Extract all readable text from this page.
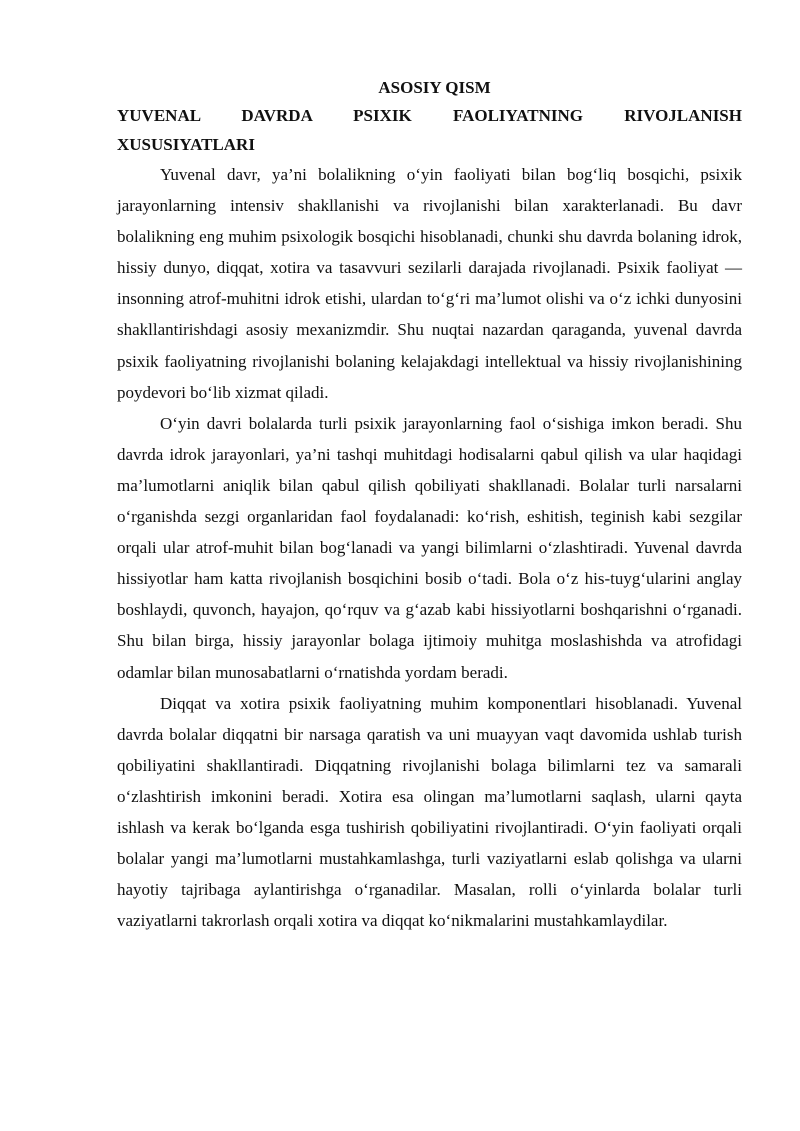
ASOSIY QISM
YUVENAL DAVRDA PSIXIK FAOLIYATNING RIVOJLANISH
XUSUSIYATLARI

Yuvenal davr, ya’ni bolalikning o‘yin faoliyati bilan bog‘liq bosqichi, psixik jarayonlarning intensiv shakllanishi va rivojlanishi bilan xarakterlanadi. Bu davr bolalikning eng muhim psixologik bosqichi hisoblanadi, chunki shu davrda bolaning idrok, hissiy dunyo, diqqat, xotira va tasavvuri sezilarli darajada rivojlanadi. Psixik faoliyat — insonning atrof-muhitni idrok etishi, ulardan to‘g‘ri ma’lumot olishi va o‘z ichki dunyosini shakllantirishdagi asosiy mexanizmdir. Shu nuqtai nazardan qaraganda, yuvenal davrda psixik faoliyatning rivojlanishi bolaning kelajakdagi intellektual va hissiy rivojlanishining poydevori bo‘lib xizmat qiladi.

O‘yin davri bolalarda turli psixik jarayonlarning faol o‘sishiga imkon beradi. Shu davrda idrok jarayonlari, ya’ni tashqi muhitdagi hodisalarni qabul qilish va ular haqidagi ma’lumotlarni aniqlik bilan qabul qilish qobiliyati shakllanadi. Bolalar turli narsalarni o‘rganishda sezgi organlaridan faol foydalanadi: ko‘rish, eshitish, teginish kabi sezgilar orqali ular atrof-muhit bilan bog‘lanadi va yangi bilimlarni o‘zlashtiradi. Yuvenal davrda hissiyotlar ham katta rivojlanish bosqichini bosib o‘tadi. Bola o‘z his-tuyg‘ularini anglay boshlaydi, quvonch, hayajon, qo‘rquv va g‘azab kabi hissiyotlarni boshqarishni o‘rganadi. Shu bilan birga, hissiy jarayonlar bolaga ijtimoiy muhitga moslashishda va atrofidagi odamlar bilan munosabatlarni o‘rnatishda yordam beradi.

Diqqat va xotira psixik faoliyatning muhim komponentlari hisoblanadi. Yuvenal davrda bolalar diqqatni bir narsaga qaratish va uni muayyan vaqt davomida ushlab turish qobiliyatini shakllantiradi. Diqqatning rivojlanishi bolaga bilimlarni tez va samarali o‘zlashtirish imkonini beradi. Xotira esa olingan ma’lumotlarni saqlash, ularni qayta ishlash va kerak bo‘lganda esga tushirish qobiliyatini rivojlantiradi. O‘yin faoliyati orqali bolalar yangi ma’lumotlarni mustahkamlashga, turli vaziyatlarni eslab qolishga va ularni hayotiy tajribaga aylantirishga o‘rganadilar. Masalan, rolli o‘yinlarda bolalar turli vaziyatlarni takrorlash orqali xotira va diqqat ko‘nikmalarini mustahkamlaydilar.
